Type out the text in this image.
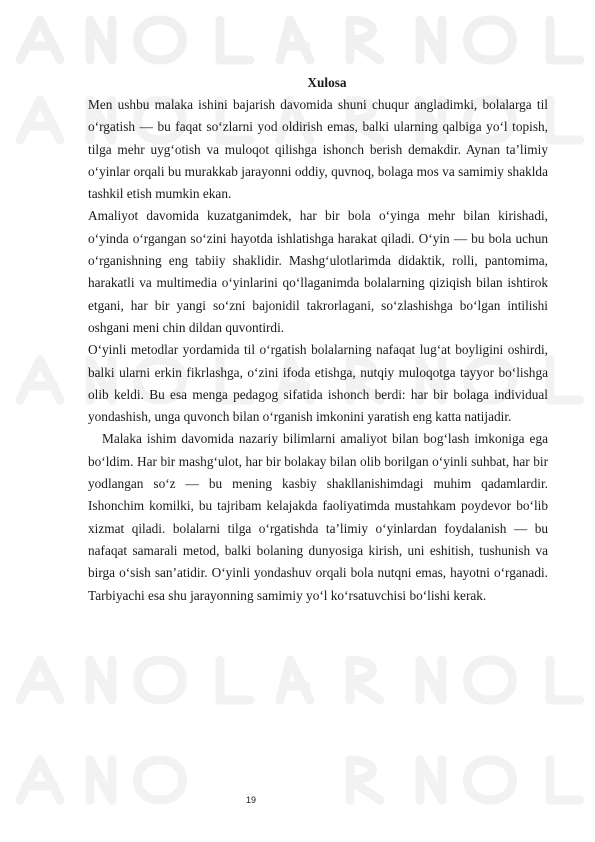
Xulosa

Men ushbu malaka ishini bajarish davomida shuni chuqur angladimki, bolalarga til o‘rgatish — bu faqat so‘zlarni yod oldirish emas, balki ularning qalbiga yo‘l topish, tilga mehr uyg‘otish va muloqot qilishga ishonch berish demakdir. Aynan ta’limiy o‘yinlar orqali bu murakkab jarayonni oddiy, quvnoq, bolaga mos va samimiy shaklda tashkil etish mumkin ekan.

Amaliyot davomida kuzatganimdek, har bir bola o‘yinga mehr bilan kirishadi, o‘yinda o‘rgangan so‘zini hayotda ishlatishga harakat qiladi. O‘yin — bu bola uchun o‘rganishning eng tabiiy shaklidir. Mashg‘ulotlarimda didaktik, rolli, pantomima, harakatli va multimedia o‘yinlarini qo‘llaganimda bolalarning qiziqish bilan ishtirok etgani, har bir yangi so‘zni bajonidil takrorlagani, so‘zlashishga bo‘lgan intilishi oshgani meni chin dildan quvontirdi.

O‘yinli metodlar yordamida til o‘rgatish bolalarning nafaqat lug‘at boyligini oshirdi, balki ularni erkin fikrlashga, o‘zini ifoda etishga, nutqiy muloqotga tayyor bo‘lishga olib keldi. Bu esa menga pedagog sifatida ishonch berdi: har bir bolaga individual yondashish, unga quvonch bilan o‘rganish imkonini yaratish eng katta natijadir.

Malaka ishim davomida nazariy bilimlarni amaliyot bilan bog‘lash imkoniga ega bo‘ldim. Har bir mashg‘ulot, har bir bolakay bilan olib borilgan o‘yinli suhbat, har bir yodlangan so‘z — bu mening kasbiy shakllanishimdagi muhim qadamlardir. Ishonchim komilki, bu tajribam kelajakda faoliyatimda mustahkam poydevor bo‘lib xizmat qiladi. bolalarni tilga o‘rgatishda ta’limiy o‘yinlardan foydalanish — bu nafaqat samarali metod, balki bolaning dunyosiga kirish, uni eshitish, tushunish va birga o‘sish san’atidir. O‘yinli yondashuv orqali bola nutqni emas, hayotni o‘rganadi. Tarbiyachi esa shu jarayonning samimiy yo‘l ko‘rsatuvchisi bo‘lishi kerak.

19
